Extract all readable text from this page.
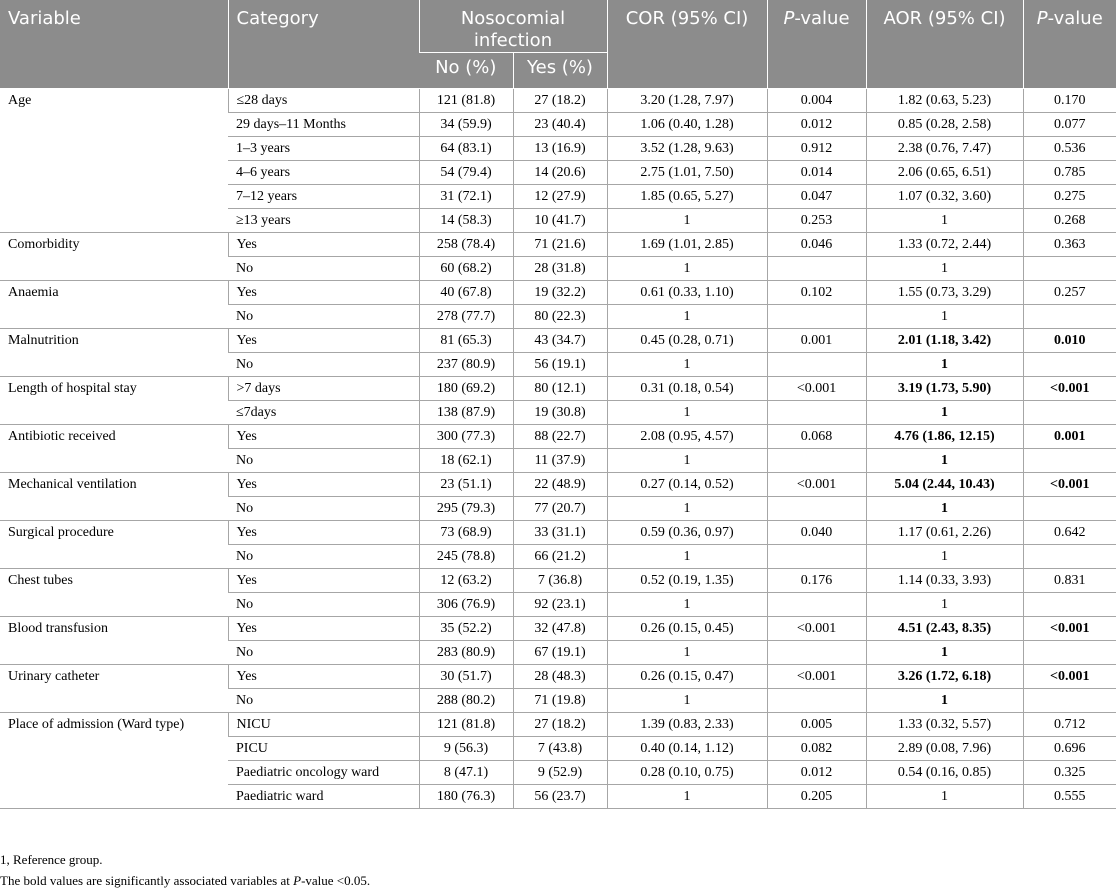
Variable	Category	Nosocomial infection		COR (95% CI)	P-value	AOR (95% CI)	P-value
		No (%)	Yes (%)				
Age	≤28 days	121 (81.8)	27 (18.2)	3.20 (1.28, 7.97)	0.004	1.82 (0.63, 5.23)	0.170
	29 days–11 Months	34 (59.9)	23 (40.4)	1.06 (0.40, 1.28)	0.012	0.85 (0.28, 2.58)	0.077
	1–3 years	64 (83.1)	13 (16.9)	3.52 (1.28, 9.63)	0.912	2.38 (0.76, 7.47)	0.536
	4–6 years	54 (79.4)	14 (20.6)	2.75 (1.01, 7.50)	0.014	2.06 (0.65, 6.51)	0.785
	7–12 years	31 (72.1)	12 (27.9)	1.85 (0.65, 5.27)	0.047	1.07 (0.32, 3.60)	0.275
	≥13 years	14 (58.3)	10 (41.7)	1	0.253	1	0.268
Comorbidity	Yes	258 (78.4)	71 (21.6)	1.69 (1.01, 2.85)	0.046	1.33 (0.72, 2.44)	0.363
	No	60 (68.2)	28 (31.8)	1		1	
Anaemia	Yes	40 (67.8)	19 (32.2)	0.61 (0.33, 1.10)	0.102	1.55 (0.73, 3.29)	0.257
	No	278 (77.7)	80 (22.3)	1		1	
Malnutrition	Yes	81 (65.3)	43 (34.7)	0.45 (0.28, 0.71)	0.001	2.01 (1.18, 3.42)	0.010
	No	237 (80.9)	56 (19.1)	1		1	
Length of hospital stay	>7 days	180 (69.2)	80 (12.1)	0.31 (0.18, 0.54)	<0.001	3.19 (1.73, 5.90)	<0.001
	≤7days	138 (87.9)	19 (30.8)	1		1	
Antibiotic received	Yes	300 (77.3)	88 (22.7)	2.08 (0.95, 4.57)	0.068	4.76 (1.86, 12.15)	0.001
	No	18 (62.1)	11 (37.9)	1		1	
Mechanical ventilation	Yes	23 (51.1)	22 (48.9)	0.27 (0.14, 0.52)	<0.001	5.04 (2.44, 10.43)	<0.001
	No	295 (79.3)	77 (20.7)	1		1	
Surgical procedure	Yes	73 (68.9)	33 (31.1)	0.59 (0.36, 0.97)	0.040	1.17 (0.61, 2.26)	0.642
	No	245 (78.8)	66 (21.2)	1		1	
Chest tubes	Yes	12 (63.2)	7 (36.8)	0.52 (0.19, 1.35)	0.176	1.14 (0.33, 3.93)	0.831
	No	306 (76.9)	92 (23.1)	1		1	
Blood transfusion	Yes	35 (52.2)	32 (47.8)	0.26 (0.15, 0.45)	<0.001	4.51 (2.43, 8.35)	<0.001
	No	283 (80.9)	67 (19.1)	1		1	
Urinary catheter	Yes	30 (51.7)	28 (48.3)	0.26 (0.15, 0.47)	<0.001	3.26 (1.72, 6.18)	<0.001
	No	288 (80.2)	71 (19.8)	1		1	
Place of admission (Ward type)	NICU	121 (81.8)	27 (18.2)	1.39 (0.83, 2.33)	0.005	1.33 (0.32, 5.57)	0.712
	PICU	9 (56.3)	7 (43.8)	0.40 (0.14, 1.12)	0.082	2.89 (0.08, 7.96)	0.696
	Paediatric oncology ward	8 (47.1)	9 (52.9)	0.28 (0.10, 0.75)	0.012	0.54 (0.16, 0.85)	0.325
	Paediatric ward	180 (76.3)	56 (23.7)	1	0.205	1	0.555
1, Reference group.
The bold values are significantly associated variables at P-value <0.05.
